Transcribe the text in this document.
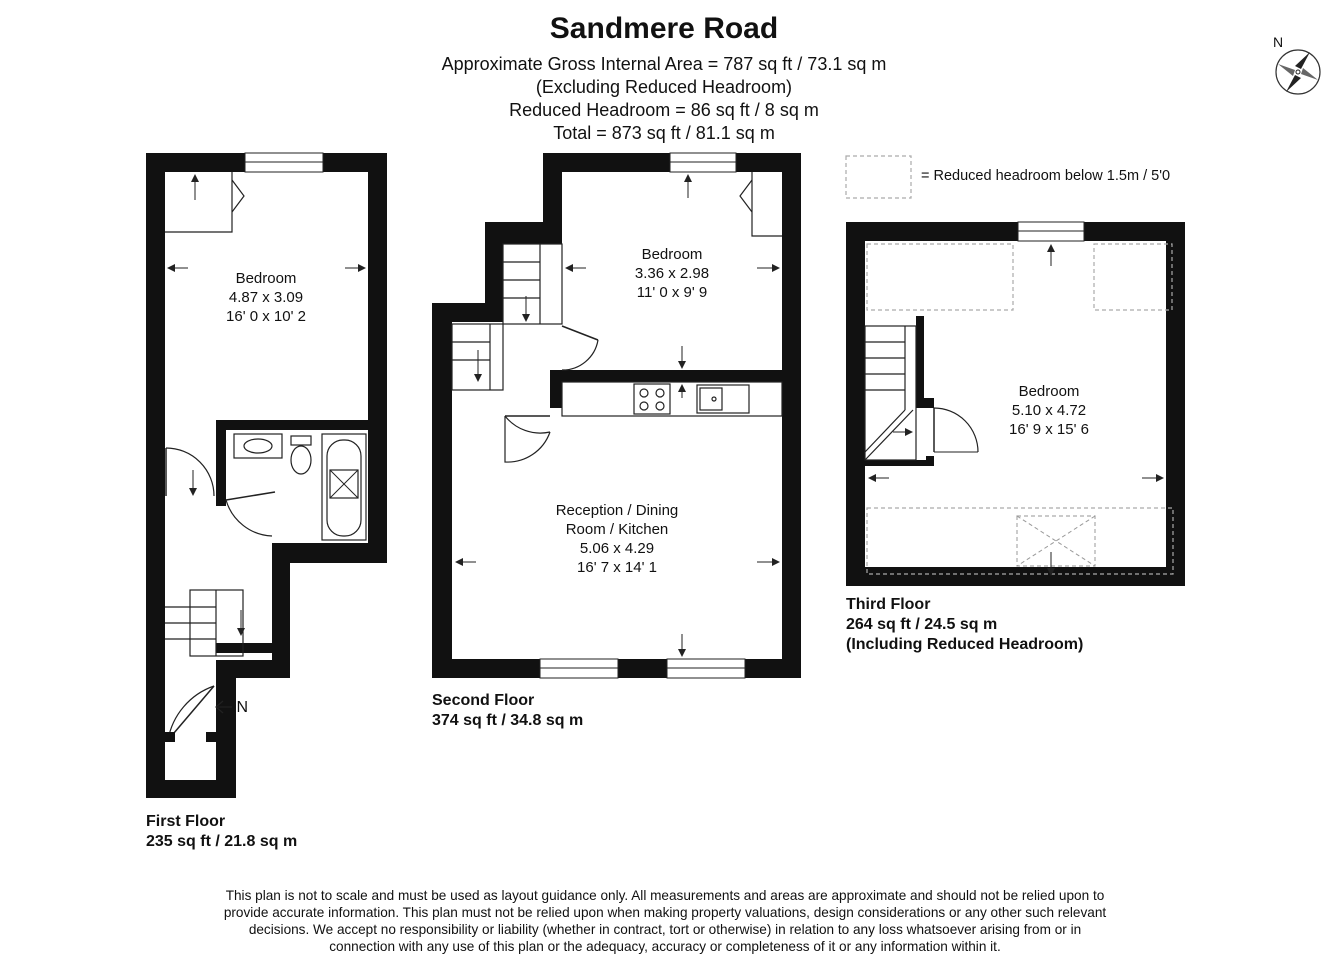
Sandmere Road
Approximate Gross Internal Area = 787 sq ft / 73.1 sq m
(Excluding Reduced Headroom)
Reduced Headroom = 86 sq ft / 8 sq m
Total = 873 sq ft / 81.1 sq m
N
= Reduced headroom below 1.5m / 5'0
Bedroom
4.87 x 3.09
16' 0 x 10' 2
IN
Bedroom
3.36 x 2.98
11' 0 x 9' 9
Reception / Dining
Room / Kitchen
5.06 x 4.29
16' 7 x 14' 1
Bedroom
5.10 x 4.72
16' 9 x 15' 6
First Floor
235 sq ft / 21.8 sq m
Second Floor
374 sq ft / 34.8 sq m
Third Floor
264 sq ft / 24.5 sq m
(Including Reduced Headroom)
This plan is not to scale and must be used as layout guidance only. All measurements and areas are approximate and should not be relied upon to
provide accurate information. This plan must not be relied upon when making property valuations, design considerations or any other such relevant
decisions. We accept no responsibility or liability (whether in contract, tort or otherwise) in relation to any loss whatsoever arising from or in
connection with any use of this plan or the adequacy, accuracy or completeness of it or any information within it.
